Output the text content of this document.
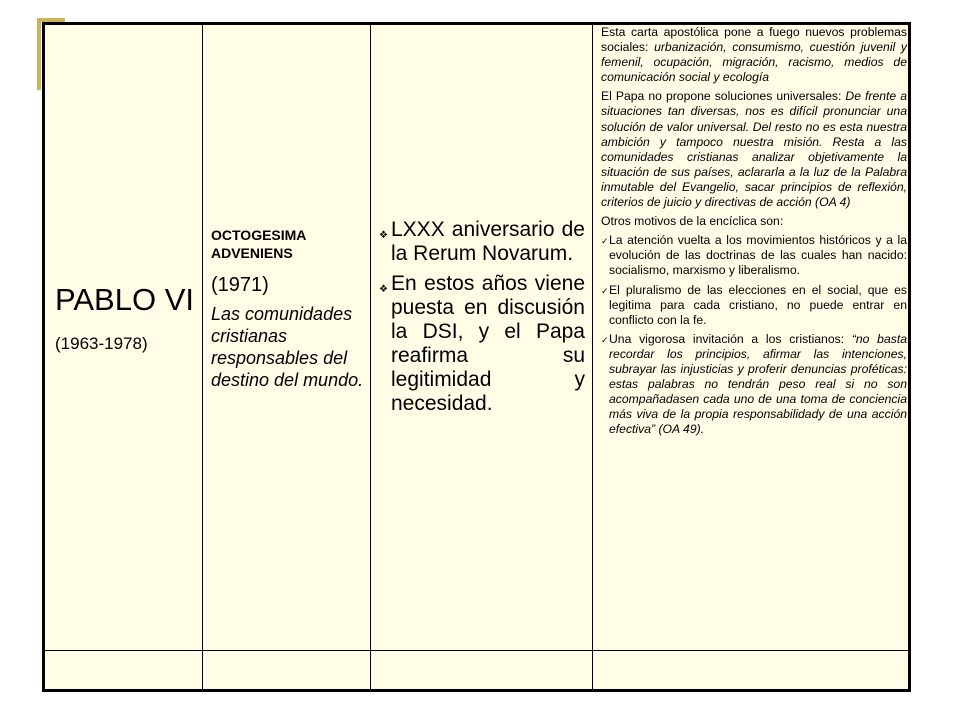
PABLO VI
(1963-1978)
OCTOGESIMA ADVENIENS
(1971)
Las comunidades cristianas responsables del destino del mundo.
❖ LXXX aniversario de la Rerum Novarum.
❖ En estos años viene puesta en discusión la DSI, y el Papa reafirma su legitimidad y necesidad.
Esta carta apostólica pone a fuego nuevos problemas sociales: urbanización, consumismo, cuestión juvenil y femenil, ocupación, migración, racismo, medios de comunicación social y ecología
El Papa no propone soluciones universales: De frente a situaciones tan diversas, nos es difícil pronunciar una solución de valor universal. Del resto no es esta nuestra ambición y tampoco nuestra misión. Resta a las comunidades cristianas analizar objetivamente la situación de sus países, aclararla a la luz de la Palabra inmutable del Evangelio, sacar principios de reflexión, criterios de juicio y directivas de acción (OA 4)
Otros motivos de la encíclica son:
✓ La atención vuelta a los movimientos históricos y a la evolución de las doctrinas de las cuales han nacido: socialismo, marxismo y liberalismo.
✓ El pluralismo de las elecciones en el social, que es legitima para cada cristiano, no puede entrar en conflicto con la fe.
✓ Una vigorosa invitación a los cristianos: “no basta recordar los principios, afirmar las intenciones, subrayar las injusticias y proferir denuncias proféticas: estas palabras no tendrán peso real si no son acompañadasen cada uno de una toma de conciencia más viva de la propia responsabilidady de una acción efectiva” (OA 49).
